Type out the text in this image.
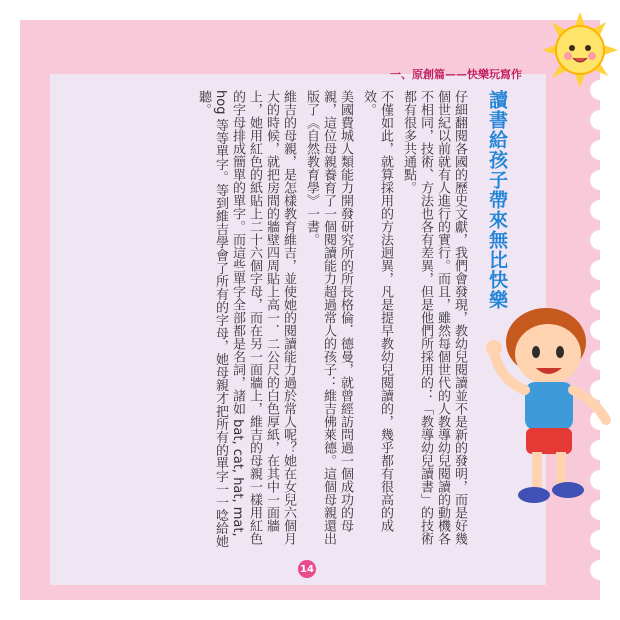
一、原創篇——快樂玩寫作
讀書給孩子帶來無比快樂
仔細翻閱各國的歷史文獻，我們會發現，教幼兒閱讀並不是新的發明，而是好幾個世紀以前就有人進行的實行。而且，雖然每個世代的人教導幼兒閱讀的動機各不相同，技術、方法也各有差異，但是他們所採用的：「教導幼兒讀書」的技術都有很多共通點。
不僅如此，就算採用的方法迥異，凡是提早教幼兒閱讀的，幾乎都有很高的成效。
美國費城人類能力開發研究所的所長格倫．德曼，就曾經訪問過一個成功的母親，這位母親養育了一個閱讀能力超過常人的孩子：維吉佛萊德。這個母親還出版了《自然教育學》一書。
維吉的母親，是怎樣教育維吉，並使她的閱讀能力過於常人呢？她在女兒六個月大的時候，就把房間的牆壁四周貼上高一．二公尺的白色厚紙，在其中一面牆上，她用紅色的紙貼上二十六個字母，而在另一面牆上，維吉的母親一樣用紅色的字母排成簡單的單字。而這些單字全部都是名詞，諸如 bat, cat, hat, mat, hog 等等單字。等到維吉學會了所有的字母，她母親才把所有的單字一一唸給她聽。
14
